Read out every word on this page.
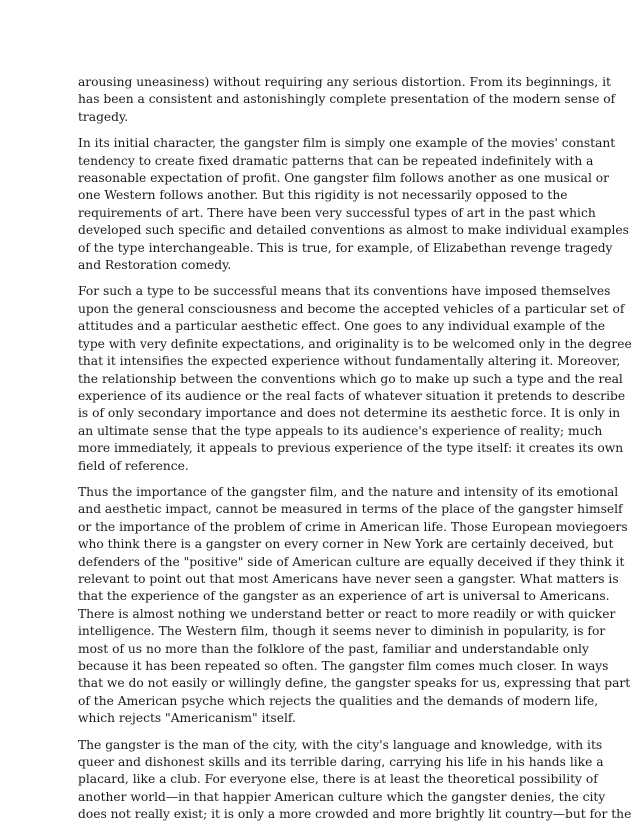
arousing uneasiness) without requiring any serious distortion. From its beginnings, it
has been a consistent and astonishingly complete presentation of the modern sense of
tragedy.
In its initial character, the gangster film is simply one example of the movies' constant
tendency to create fixed dramatic patterns that can be repeated indefinitely with a
reasonable expectation of profit. One gangster film follows another as one musical or
one Western follows another. But this rigidity is not necessarily opposed to the
requirements of art. There have been very successful types of art in the past which
developed such specific and detailed conventions as almost to make individual examples
of the type interchangeable. This is true, for example, of Elizabethan revenge tragedy
and Restoration comedy.
For such a type to be successful means that its conventions have imposed themselves
upon the general consciousness and become the accepted vehicles of a particular set of
attitudes and a particular aesthetic effect. One goes to any individual example of the
type with very definite expectations, and originality is to be welcomed only in the degree
that it intensifies the expected experience without fundamentally altering it. Moreover,
the relationship between the conventions which go to make up such a type and the real
experience of its audience or the real facts of whatever situation it pretends to describe
is of only secondary importance and does not determine its aesthetic force. It is only in
an ultimate sense that the type appeals to its audience's experience of reality; much
more immediately, it appeals to previous experience of the type itself: it creates its own
field of reference.
Thus the importance of the gangster film, and the nature and intensity of its emotional
and aesthetic impact, cannot be measured in terms of the place of the gangster himself
or the importance of the problem of crime in American life. Those European moviegoers
who think there is a gangster on every corner in New York are certainly deceived, but
defenders of the "positive" side of American culture are equally deceived if they think it
relevant to point out that most Americans have never seen a gangster. What matters is
that the experience of the gangster as an experience of art is universal to Americans.
There is almost nothing we understand better or react to more readily or with quicker
intelligence. The Western film, though it seems never to diminish in popularity, is for
most of us no more than the folklore of the past, familiar and understandable only
because it has been repeated so often. The gangster film comes much closer. In ways
that we do not easily or willingly define, the gangster speaks for us, expressing that part
of the American psyche which rejects the qualities and the demands of modern life,
which rejects "Americanism" itself.
The gangster is the man of the city, with the city's language and knowledge, with its
queer and dishonest skills and its terrible daring, carrying his life in his hands like a
placard, like a club. For everyone else, there is at least the theoretical possibility of
another world—in that happier American culture which the gangster denies, the city
does not really exist; it is only a more crowded and more brightly lit country—but for the
